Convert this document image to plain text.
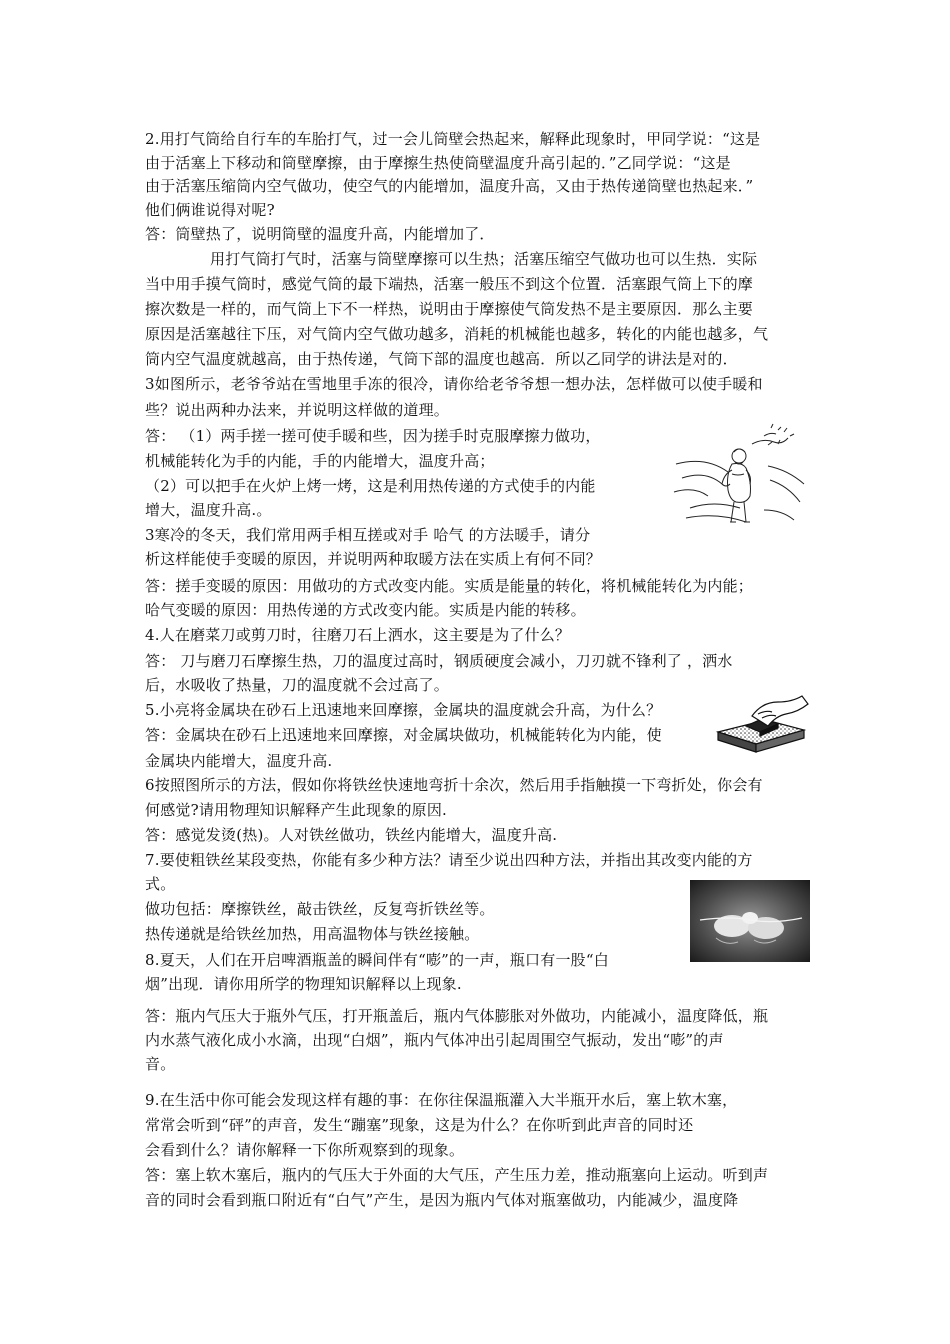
2.用打气筒给自行车的车胎打气，过一会儿筒壁会热起来，解释此现象时，甲同学说：“这是
由于活塞上下移动和筒壁摩擦，由于摩擦生热使筒壁温度升高引起的．”乙同学说：“这是
由于活塞压缩筒内空气做功，使空气的内能增加，温度升高，又由于热传递筒壁也热起来．”
他们俩谁说得对呢?
答：筒壁热了，说明筒壁的温度升高，内能增加了．
用打气筒打气时，活塞与筒壁摩擦可以生热；活塞压缩空气做功也可以生热．实际
当中用手摸气筒时，感觉气筒的最下端热，活塞一般压不到这个位置．活塞跟气筒上下的摩
擦次数是一样的，而气筒上下不一样热，说明由于摩擦使气筒发热不是主要原因．那么主要
原因是活塞越往下压，对气筒内空气做功越多，消耗的机械能也越多，转化的内能也越多，气
筒内空气温度就越高，由于热传递，气筒下部的温度也越高．所以乙同学的讲法是对的．
3如图所示，老爷爷站在雪地里手冻的很冷，请你给老爷爷想一想办法，怎样做可以使手暖和
些？说出两种办法来，并说明这样做的道理。
答： （1）两手搓一搓可使手暖和些，因为搓手时克服摩擦力做功，
机械能转化为手的内能，手的内能增大，温度升高；
（2）可以把手在火炉上烤一烤，这是利用热传递的方式使手的内能
增大，温度升高.。
3寒冷的冬天，我们常用两手相互搓或对手 哈气 的方法暖手，请分
析这样能使手变暖的原因，并说明两种取暖方法在实质上有何不同？
答：搓手变暖的原因：用做功的方式改变内能。实质是能量的转化，将机械能转化为内能；
哈气变暖的原因：用热传递的方式改变内能。实质是内能的转移。
4.人在磨菜刀或剪刀时，往磨刀石上洒水，这主要是为了什么？
答： 刀与磨刀石摩擦生热，刀的温度过高时，钢质硬度会减小，刀刃就不锋利了 ，洒水
后，水吸收了热量，刀的温度就不会过高了。
5.小亮将金属块在砂石上迅速地来回摩擦，金属块的温度就会升高，为什么？
答：金属块在砂石上迅速地来回摩擦，对金属块做功，机械能转化为内能，使
金属块内能增大，温度升高.
6按照图所示的方法，假如你将铁丝快速地弯折十余次，然后用手指触摸一下弯折处，你会有
何感觉?请用物理知识解释产生此现象的原因.
答：感觉发烫(热)。人对铁丝做功，铁丝内能增大，温度升高.
7.要使粗铁丝某段变热，你能有多少种方法？请至少说出四种方法，并指出其改变内能的方
式。
做功包括：摩擦铁丝，敲击铁丝，反复弯折铁丝等。
热传递就是给铁丝加热，用高温物体与铁丝接触。
8.夏天，人们在开启啤酒瓶盖的瞬间伴有“嘭”的一声，瓶口有一股“白
烟”出现．请你用所学的物理知识解释以上现象.
答：瓶内气压大于瓶外气压，打开瓶盖后，瓶内气体膨胀对外做功，内能减小，温度降低，瓶
内水蒸气液化成小水滴，出现“白烟”，瓶内气体冲出引起周围空气振动，发出“嘭”的声
音。
9.在生活中你可能会发现这样有趣的事：在你往保温瓶灌入大半瓶开水后，塞上软木塞，
常常会听到“砰”的声音，发生“蹦塞”现象，这是为什么？在你听到此声音的同时还
会看到什么？请你解释一下你所观察到的现象。
答：塞上软木塞后，瓶内的气压大于外面的大气压，产生压力差，推动瓶塞向上运动。听到声
音的同时会看到瓶口附近有“白气”产生，是因为瓶内气体对瓶塞做功，内能减少，温度降
